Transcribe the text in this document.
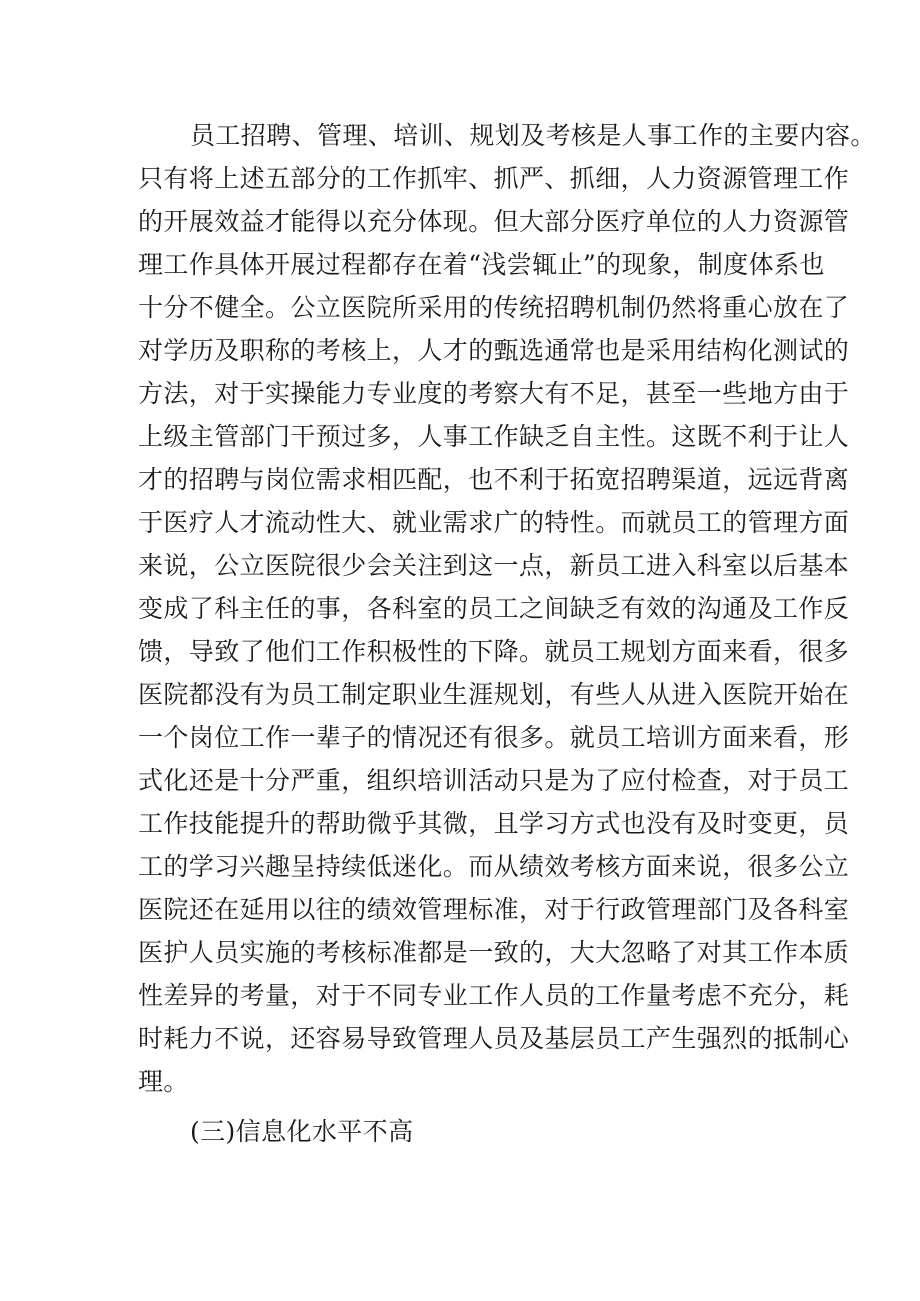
员工招聘、管理、培训、规划及考核是人事工作的主要内容。
只有将上述五部分的工作抓牢、抓严、抓细，人力资源管理工作
的开展效益才能得以充分体现。但大部分医疗单位的人力资源管
理工作具体开展过程都存在着“浅尝辄止”的现象，制度体系也
十分不健全。公立医院所采用的传统招聘机制仍然将重心放在了
对学历及职称的考核上，人才的甄选通常也是采用结构化测试的
方法，对于实操能力专业度的考察大有不足，甚至一些地方由于
上级主管部门干预过多，人事工作缺乏自主性。这既不利于让人
才的招聘与岗位需求相匹配，也不利于拓宽招聘渠道，远远背离
于医疗人才流动性大、就业需求广的特性。而就员工的管理方面
来说，公立医院很少会关注到这一点，新员工进入科室以后基本
变成了科主任的事，各科室的员工之间缺乏有效的沟通及工作反
馈，导致了他们工作积极性的下降。就员工规划方面来看，很多
医院都没有为员工制定职业生涯规划，有些人从进入医院开始在
一个岗位工作一辈子的情况还有很多。就员工培训方面来看，形
式化还是十分严重，组织培训活动只是为了应付检查，对于员工
工作技能提升的帮助微乎其微，且学习方式也没有及时变更，员
工的学习兴趣呈持续低迷化。而从绩效考核方面来说，很多公立
医院还在延用以往的绩效管理标准，对于行政管理部门及各科室
医护人员实施的考核标准都是一致的，大大忽略了对其工作本质
性差异的考量，对于不同专业工作人员的工作量考虑不充分，耗
时耗力不说，还容易导致管理人员及基层员工产生强烈的抵制心
理。
(三)信息化水平不高
